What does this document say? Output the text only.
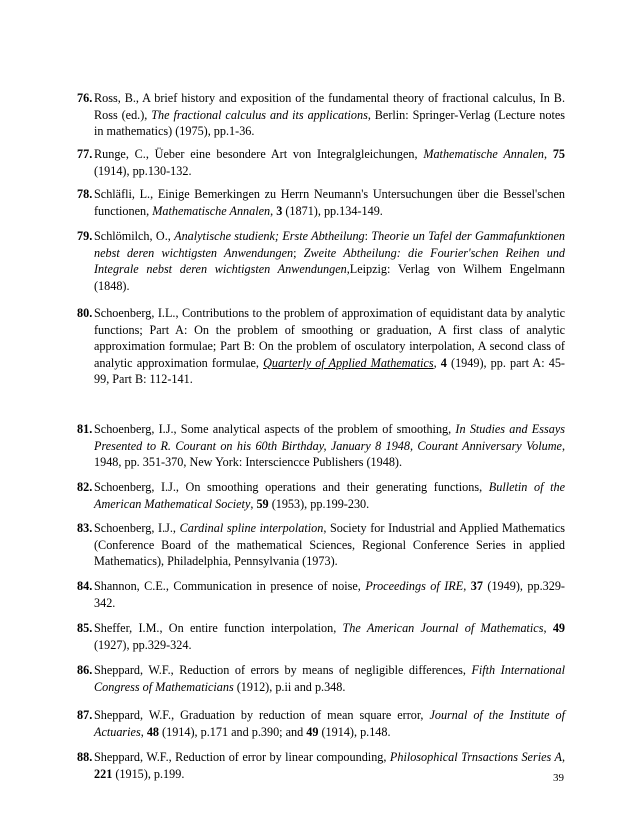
76. Ross, B., A brief history and exposition of the fundamental theory of fractional calculus, In B. Ross (ed.), The fractional calculus and its applications, Berlin: Springer-Verlag (Lecture notes in mathematics) (1975), pp.1-36.

77. Runge, C., Üeber eine besondere Art von Integralgleichungen, Mathematische Annalen, 75 (1914), pp.130-132.

78. Schläfli, L., Einige Bemerkingen zu Herrn Neumann's Untersuchungen über die Bessel'schen functionen, Mathematische Annalen, 3 (1871), pp.134-149.

79. Schlömilch, O., Analytische studienk; Erste Abtheilung: Theorie un Tafel der Gammafunktionen nebst deren wichtigsten Anwendungen; Zweite Abtheilung: die Fourier'schen Reihen und Integrale nebst deren wichtigsten Anwendungen,Leipzig: Verlag von Wilhem Engelmann (1848).

80. Schoenberg, I.L., Contributions to the problem of approximation of equidistant data by analytic functions; Part A: On the problem of smoothing or graduation, A first class of analytic approximation formulae; Part B: On the problem of osculatory interpolation, A second class of analytic approximation formulae, Quarterly of Applied Mathematics, 4 (1949), pp. part A: 45-99, Part B: 112-141.

81. Schoenberg, I.J., Some analytical aspects of the problem of smoothing, In Studies and Essays Presented to R. Courant on his 60th Birthday, January 8 1948, Courant Anniversary Volume, 1948, pp. 351-370, New York: Intersciencce Publishers (1948).

82. Schoenberg, I.J., On smoothing operations and their generating functions, Bulletin of the American Mathematical Society, 59 (1953), pp.199-230.

83. Schoenberg, I.J., Cardinal spline interpolation, Society for Industrial and Applied Mathematics (Conference Board of the mathematical Sciences, Regional Conference Series in applied Mathematics), Philadelphia, Pennsylvania (1973).

84. Shannon, C.E., Communication in presence of noise, Proceedings of IRE, 37 (1949), pp.329-342.

85. Sheffer, I.M., On entire function interpolation, The American Journal of Mathematics, 49 (1927), pp.329-324.

86. Sheppard, W.F., Reduction of errors by means of negligible differences, Fifth International Congress of Mathematicians (1912), p.ii and p.348.

87. Sheppard, W.F., Graduation by reduction of mean square error, Journal of the Institute of Actuaries, 48 (1914), p.171 and p.390; and 49 (1914), p.148.

88. Sheppard, W.F., Reduction of error by linear compounding, Philosophical Trnsactions Series A, 221 (1915), p.199.	39
